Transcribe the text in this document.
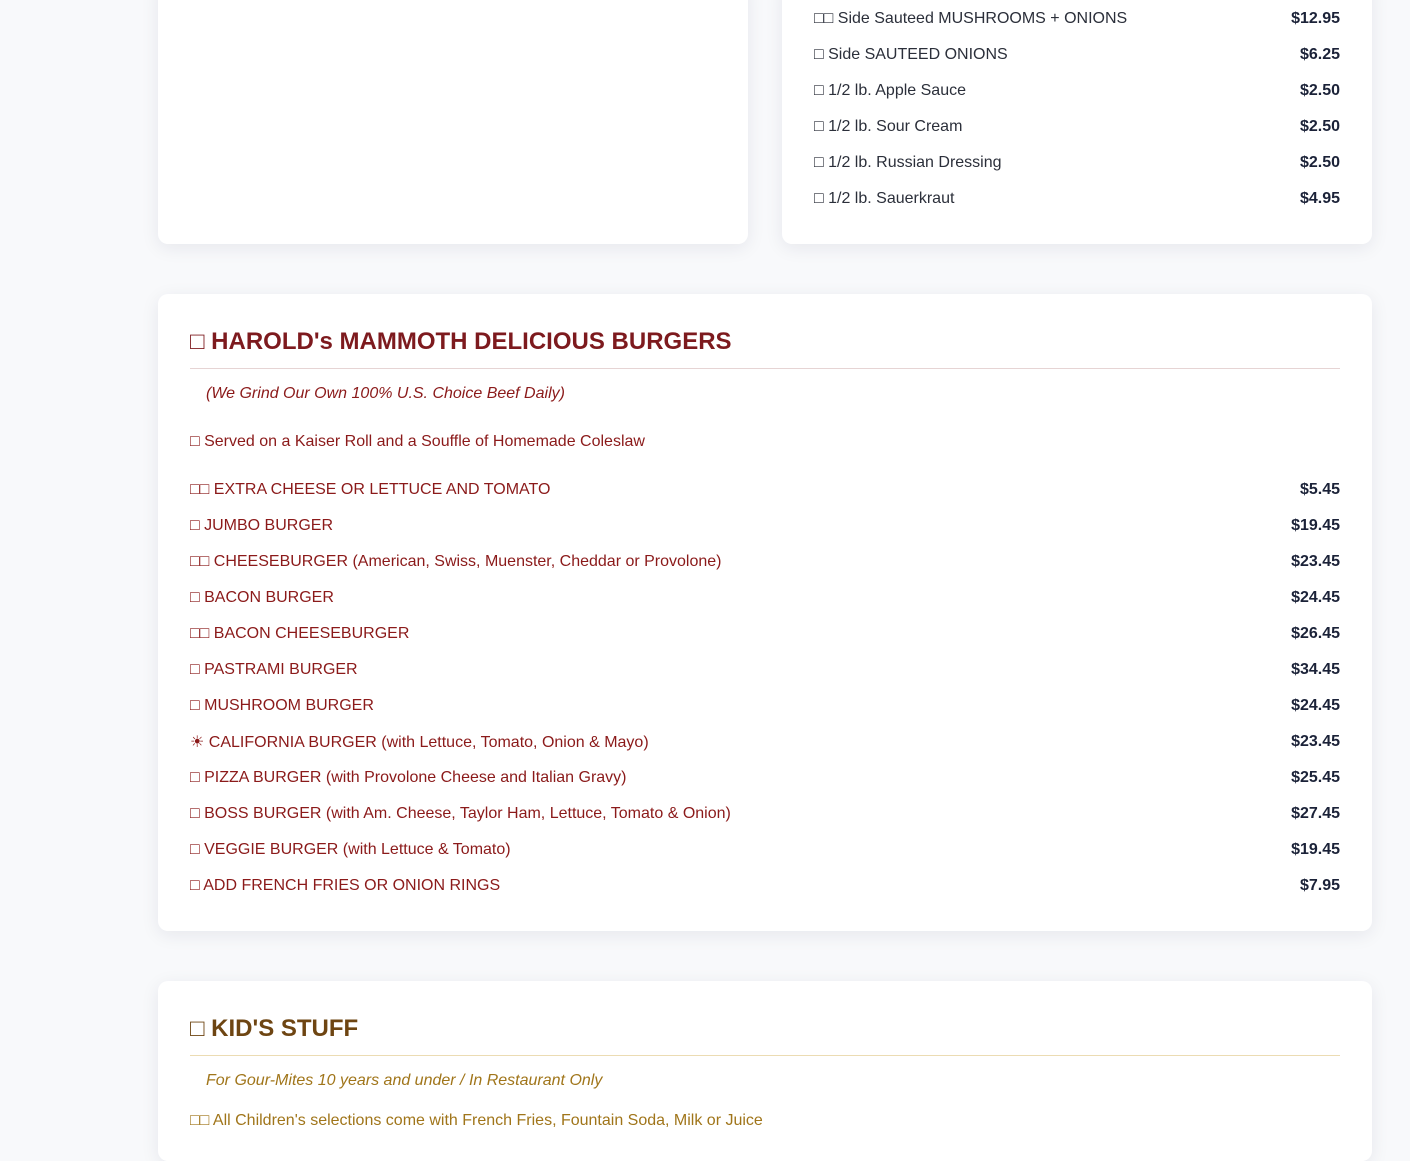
□□ Side Sauteed MUSHROOMS + ONIONS	$12.95
□ Side SAUTEED ONIONS	$6.25
□ 1/2 lb. Apple Sauce	$2.50
□ 1/2 lb. Sour Cream	$2.50
□ 1/2 lb. Russian Dressing	$2.50
□ 1/2 lb. Sauerkraut	$4.95
□ HAROLD's MAMMOTH DELICIOUS BURGERS
(We Grind Our Own 100% U.S. Choice Beef Daily)
□ Served on a Kaiser Roll and a Souffle of Homemade Coleslaw
□□ EXTRA CHEESE OR LETTUCE AND TOMATO	$5.45
□ JUMBO BURGER	$19.45
□□ CHEESEBURGER (American, Swiss, Muenster, Cheddar or Provolone)	$23.45
□ BACON BURGER	$24.45
□□ BACON CHEESEBURGER	$26.45
□ PASTRAMI BURGER	$34.45
□ MUSHROOM BURGER	$24.45
☀ CALIFORNIA BURGER (with Lettuce, Tomato, Onion & Mayo)	$23.45
□ PIZZA BURGER (with Provolone Cheese and Italian Gravy)	$25.45
□ BOSS BURGER (with Am. Cheese, Taylor Ham, Lettuce, Tomato & Onion)	$27.45
□ VEGGIE BURGER (with Lettuce & Tomato)	$19.45
□ ADD FRENCH FRIES OR ONION RINGS	$7.95
□ KID'S STUFF
For Gour-Mites 10 years and under / In Restaurant Only
□□ All Children's selections come with French Fries, Fountain Soda, Milk or Juice
